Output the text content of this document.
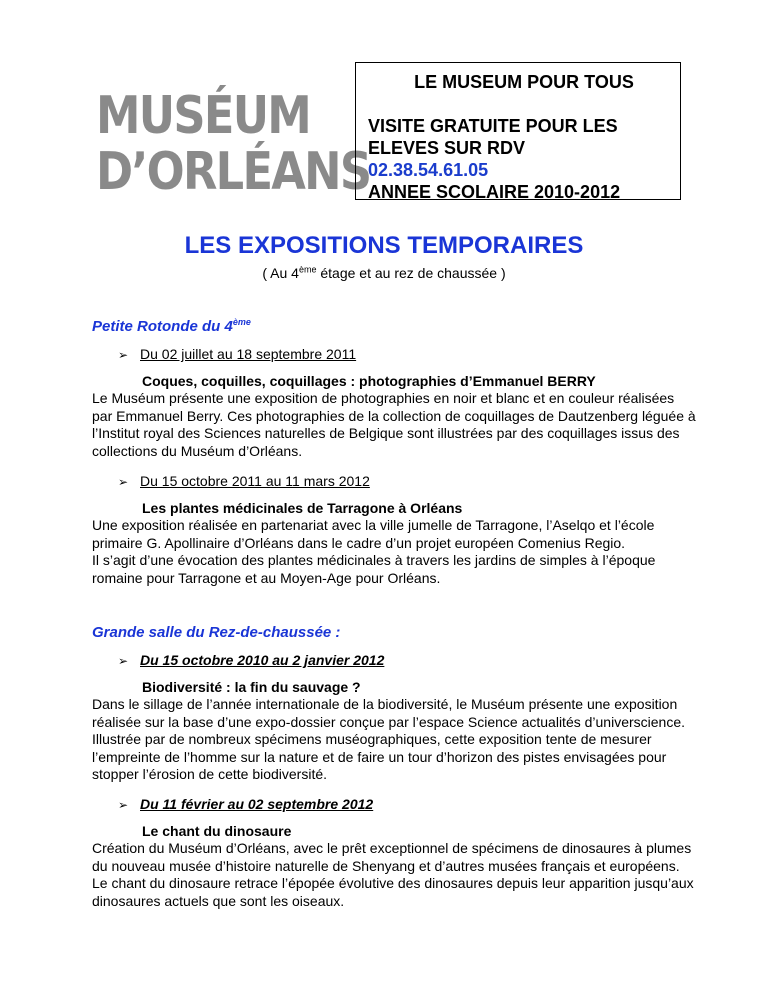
MUSÉUM
D’ORLÉANS
LE MUSEUM POUR TOUS
VISITE GRATUITE POUR LES
ELEVES SUR RDV
02.38.54.61.05
ANNEE SCOLAIRE 2010-2012
LES EXPOSITIONS TEMPORAIRES
( Au 4ème étage et au rez de chaussée )
Petite Rotonde du 4ème
➢ Du 02 juillet au 18 septembre 2011
Coques, coquilles, coquillages : photographies d’Emmanuel BERRY

Le Muséum présente une exposition de photographies en noir et blanc et en couleur réalisées par Emmanuel Berry. Ces photographies de la collection de coquillages de Dautzenberg léguée à l’Institut royal des Sciences naturelles de Belgique sont illustrées par des coquillages issus des collections du Muséum d’Orléans.

➢ Du 15 octobre 2011 au 11 mars 2012
Les plantes médicinales de Tarragone à Orléans

Une exposition réalisée en partenariat avec la ville jumelle de Tarragone, l’Aselqo et l’école primaire G. Apollinaire d’Orléans dans le cadre d’un projet européen Comenius Regio.

Il s’agit d’une évocation des plantes médicinales à travers les jardins de simples à l’époque romaine pour Tarragone et au Moyen-Age pour Orléans.

Grande salle du Rez-de-chaussée :
➢ Du 15 octobre 2010 au 2 janvier 2012
Biodiversité : la fin du sauvage ?

Dans le sillage de l’année internationale de la biodiversité, le Muséum présente une exposition réalisée sur la base d’une expo-dossier conçue par l’espace Science actualités d’universcience. Illustrée par de nombreux spécimens muséographiques, cette exposition tente de mesurer l’empreinte de l’homme sur la nature et de faire un tour d’horizon des pistes envisagées pour stopper l’érosion de cette biodiversité.

➢ Du 11 février au 02 septembre 2012
Le chant du dinosaure

Création du Muséum d’Orléans, avec le prêt exceptionnel de spécimens de dinosaures à plumes du nouveau musée d’histoire naturelle de Shenyang et d’autres musées français et européens. Le chant du dinosaure retrace l’épopée évolutive des dinosaures depuis leur apparition jusqu’aux dinosaures actuels que sont les oiseaux.
